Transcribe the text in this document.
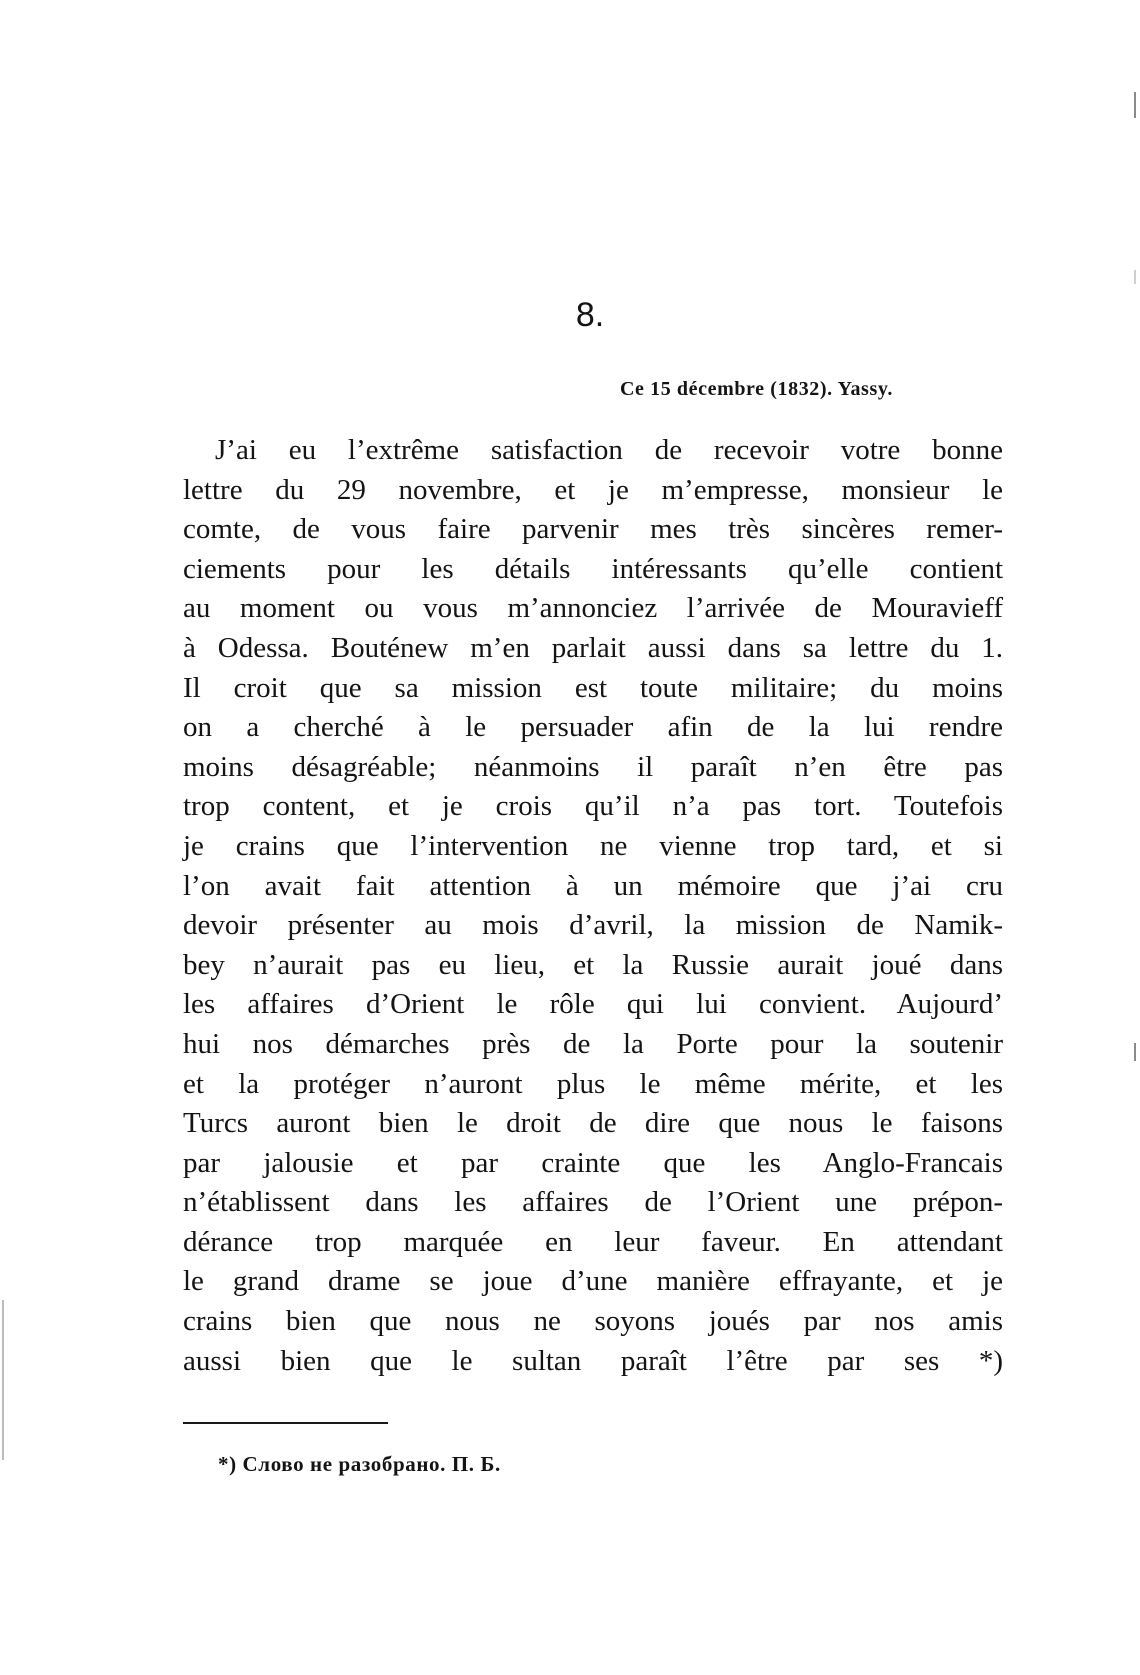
8.
Ce 15 décembre (1832). Yassy.
J’ai eu l’extrême satisfaction de recevoir votre bonne
lettre du 29 novembre, et je m’empresse, monsieur le
comte, de vous faire parvenir mes très sincères remer-
ciements pour les détails intéressants qu’elle contient
au moment ou vous m’annonciez l’arrivée de Mouravieff
à Odessa. Bouténew m’en parlait aussi dans sa lettre du 1.
Il croit que sa mission est toute militaire; du moins
on a cherché à le persuader afin de la lui rendre
moins désagréable; néanmoins il paraît n’en être pas
trop content, et je crois qu’il n’a pas tort. Toutefois
je crains que l’intervention ne vienne trop tard, et si
l’on avait fait attention à un mémoire que j’ai cru
devoir présenter au mois d’avril, la mission de Namik-
bey n’aurait pas eu lieu, et la Russie aurait joué dans
les affaires d’Orient le rôle qui lui convient. Aujourd’
hui nos démarches près de la Porte pour la soutenir
et la protéger n’auront plus le même mérite, et les
Turcs auront bien le droit de dire que nous le faisons
par jalousie et par crainte que les Anglo-Francais
n’établissent dans les affaires de l’Orient une prépon-
dérance trop marquée en leur faveur. En attendant
le grand drame se joue d’une manière effrayante, et je
crains bien que nous ne soyons joués par nos amis
aussi bien que le sultan paraît l’être par ses *)
*) Слово не разобрано. П. Б.
